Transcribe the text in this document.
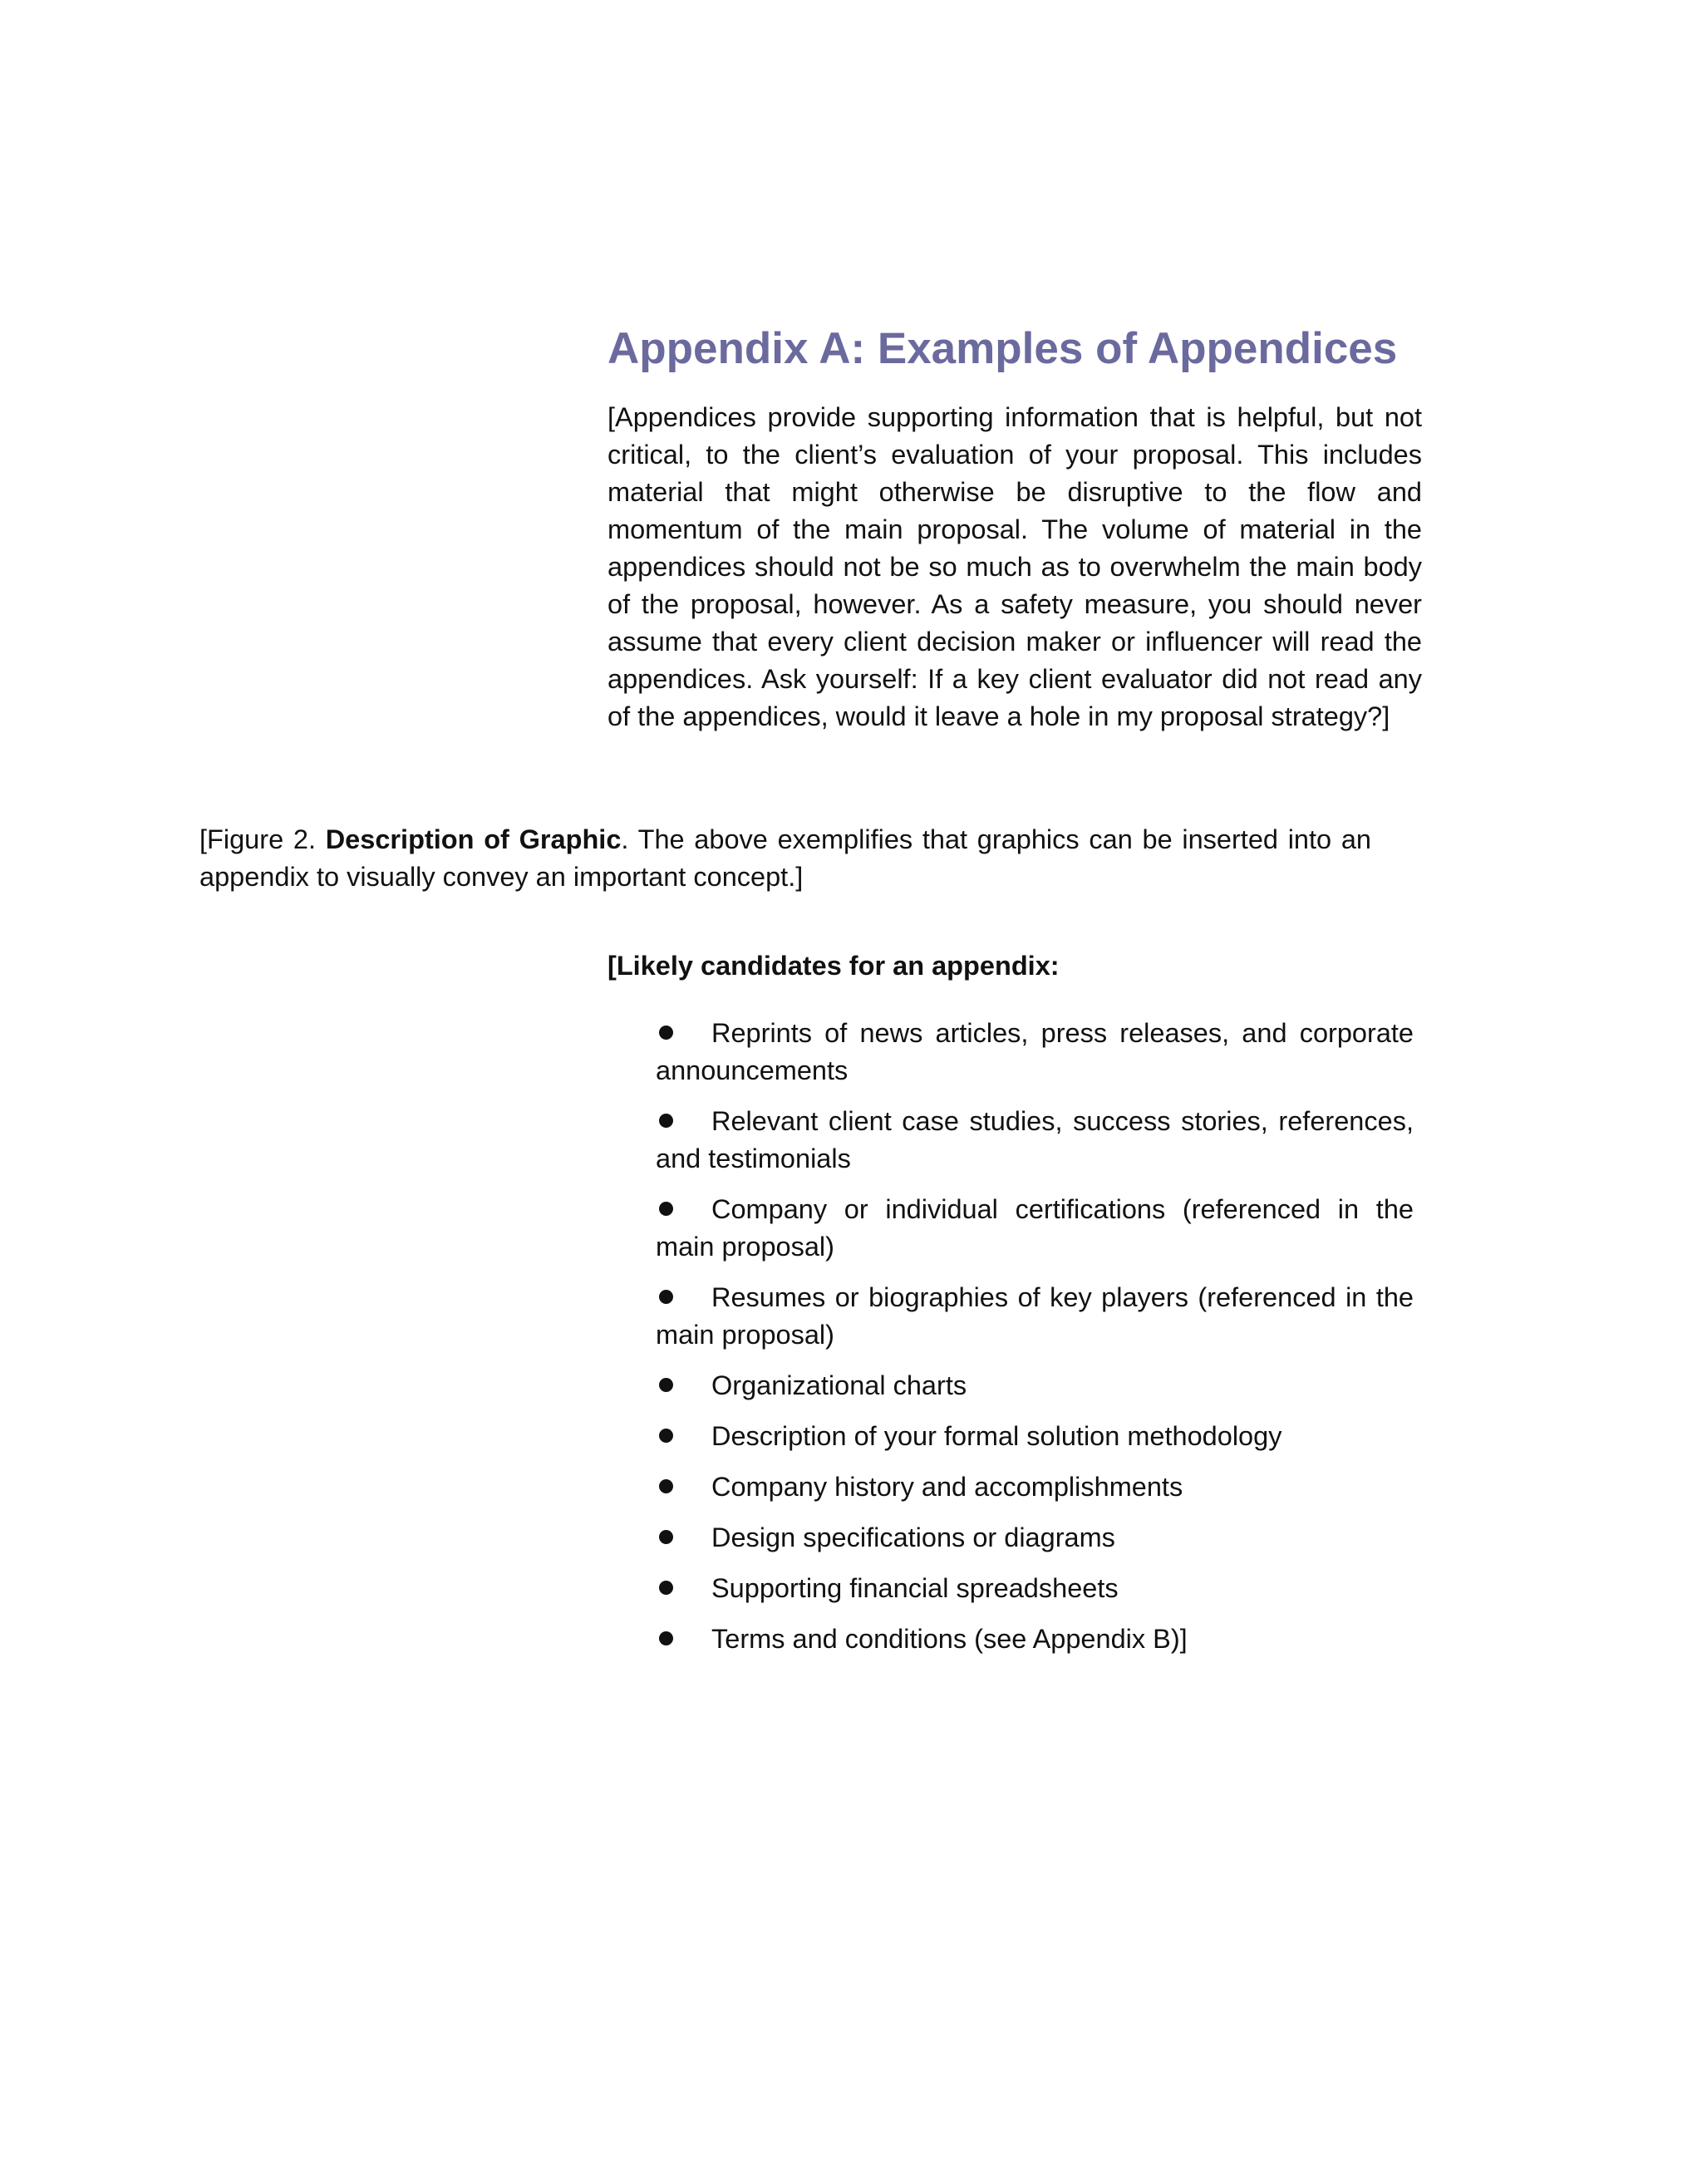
Appendix A: Examples of Appendices

[Appendices provide supporting information that is helpful, but not critical, to the client’s evaluation of your proposal. This includes material that might otherwise be disruptive to the flow and momentum of the main proposal. The volume of material in the appendices should not be so much as to overwhelm the main body of the proposal, however. As a safety measure, you should never assume that every client decision maker or influencer will read the appendices. Ask yourself: If a key client evaluator did not read any of the appendices, would it leave a hole in my proposal strategy?]

[Figure 2. Description of Graphic. The above exemplifies that graphics can be inserted into an appendix to visually convey an important concept.]

[Likely candidates for an appendix:

Reprints of news articles, press releases, and corporate announcements
Relevant client case studies, success stories, references, and testimonials
Company or individual certifications (referenced in the main proposal)
Resumes or biographies of key players (referenced in the main proposal)
Organizational charts
Description of your formal solution methodology
Company history and accomplishments
Design specifications or diagrams
Supporting financial spreadsheets
Terms and conditions (see Appendix B)]
